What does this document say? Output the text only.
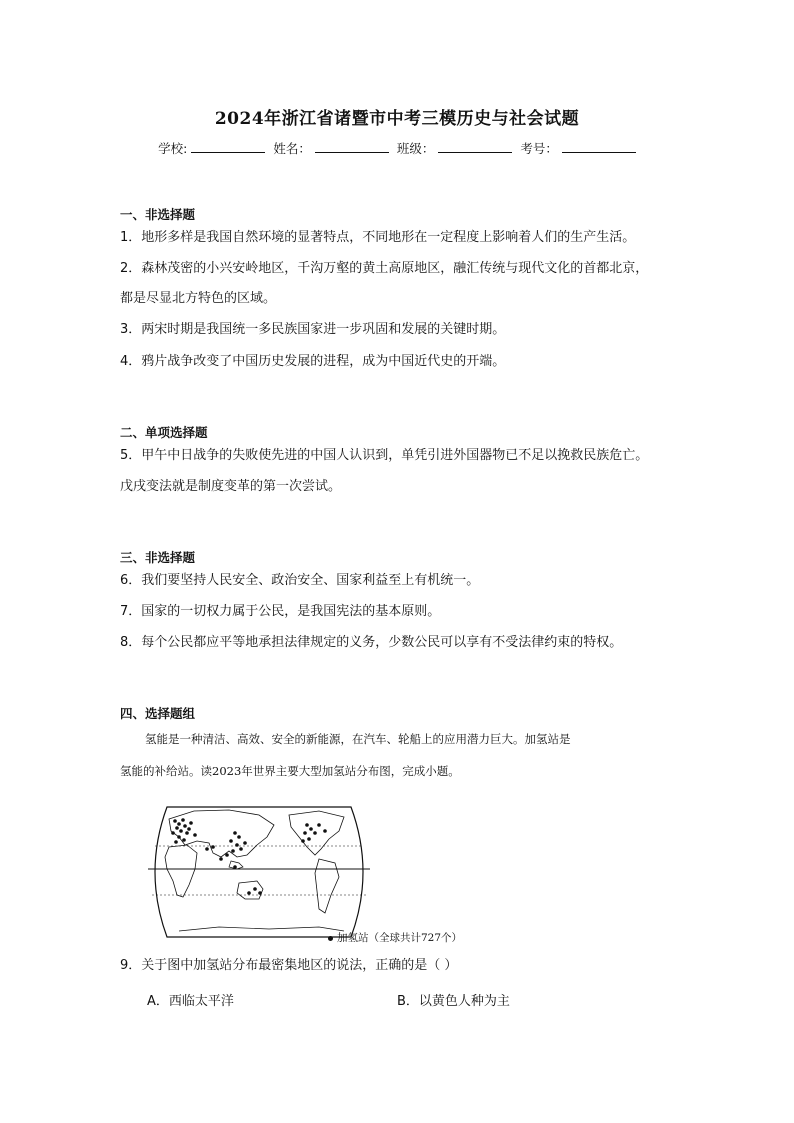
2024年浙江省诸暨市中考三模历史与社会试题
学校:	姓名：	班级：	考号：
一、非选择题
1．地形多样是我国自然环境的显著特点，不同地形在一定程度上影响着人们的生产生活。
2．森林茂密的小兴安岭地区，千沟万壑的黄土高原地区，融汇传统与现代文化的首都北京，
都是尽显北方特色的区域。
3．两宋时期是我国统一多民族国家进一步巩固和发展的关键时期。
4．鸦片战争改变了中国历史发展的进程，成为中国近代史的开端。
二、单项选择题
5．甲午中日战争的失败使先进的中国人认识到，单凭引进外国器物已不足以挽救民族危亡。
戊戌变法就是制度变革的第一次尝试。
三、非选择题
6．我们要坚持人民安全、政治安全、国家利益至上有机统一。
7．国家的一切权力属于公民，是我国宪法的基本原则。
8．每个公民都应平等地承担法律规定的义务，少数公民可以享有不受法律约束的特权。
四、选择题组
氢能是一种清洁、高效、安全的新能源，在汽车、轮船上的应用潜力巨大。加氢站是
氢能的补给站。读2023年世界主要大型加氢站分布图，完成小题。
加氢站（全球共计727个）
9．关于图中加氢站分布最密集地区的说法，正确的是（ ）
A．西临太平洋	B．以黄色人种为主
